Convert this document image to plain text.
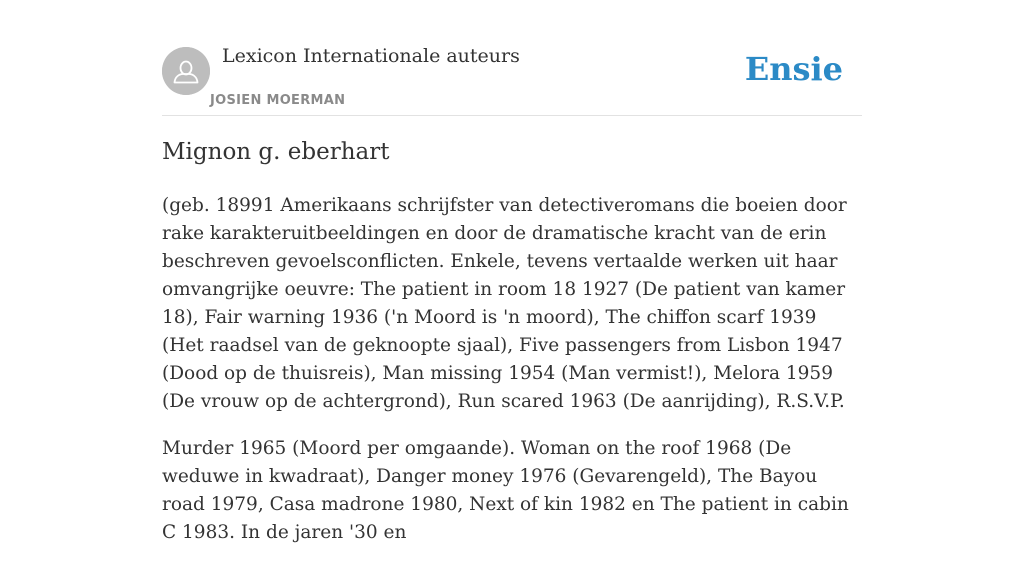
Lexicon Internationale auteurs
JOSIEN MOERMAN
Ensie
Mignon g. eberhart

(geb. 18991 Amerikaans schrijfster van detectiveromans die boeien door rake karakteruitbeeldingen en door de dramatische kracht van de erin beschreven gevoelsconflicten. Enkele, tevens vertaalde werken uit haar omvangrijke oeuvre: The patient in room 18 1927 (De patient van kamer 18), Fair warning 1936 ('n Moord is 'n moord), The chiffon scarf 1939 (Het raadsel van de geknoopte sjaal), Five passengers from Lisbon 1947 (Dood op de thuisreis), Man missing 1954 (Man vermist!), Melora 1959 (De vrouw op de achtergrond), Run scared 1963 (De aanrijding), R.S.V.P.

Murder 1965 (Moord per omgaande). Woman on the roof 1968 (De weduwe in kwadraat), Danger money 1976 (Gevarengeld), The Bayou road 1979, Casa madrone 1980, Next of kin 1982 en The patient in cabin C 1983. In de jaren '30 en
